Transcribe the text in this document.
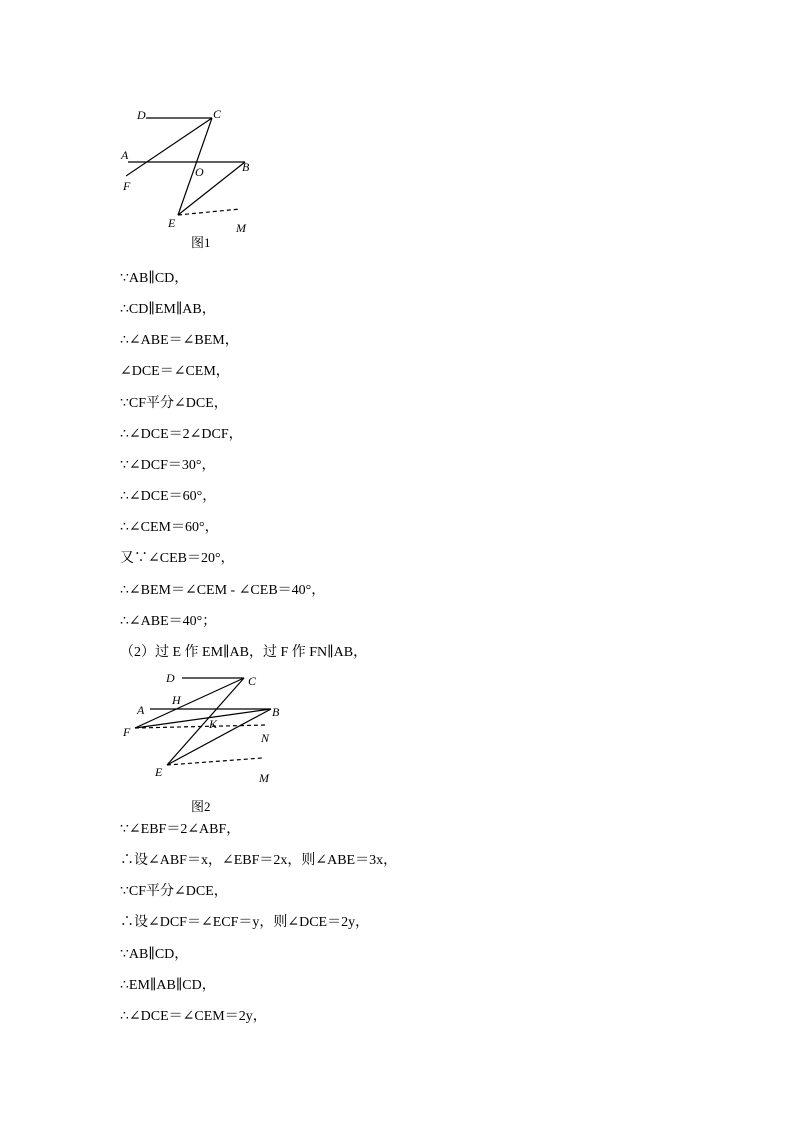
D	C
A
B
O
F
E	M
D	C
H
A	B
K
F	N
E	M
图1
∵AB∥CD，
∴CD∥EM∥AB，
∴∠ABE＝∠BEM，
∠DCE＝∠CEM，
∵CF平分∠DCE，
∴∠DCE＝2∠DCF，
∵∠DCF＝30°，
∴∠DCE＝60°，
∴∠CEM＝60°，
又∵∠CEB＝20°，
∴∠BEM＝∠CEM - ∠CEB＝40°，
∴∠ABE＝40°；
（2）过 E 作 EM∥AB，过 F 作 FN∥AB，
图2
∵∠EBF＝2∠ABF，
∴设∠ABF＝x，∠EBF＝2x，则∠ABE＝3x，
∵CF平分∠DCE，
∴设∠DCF＝∠ECF＝y，则∠DCE＝2y，
∵AB∥CD，
∴EM∥AB∥CD，
∴∠DCE＝∠CEM＝2y，
